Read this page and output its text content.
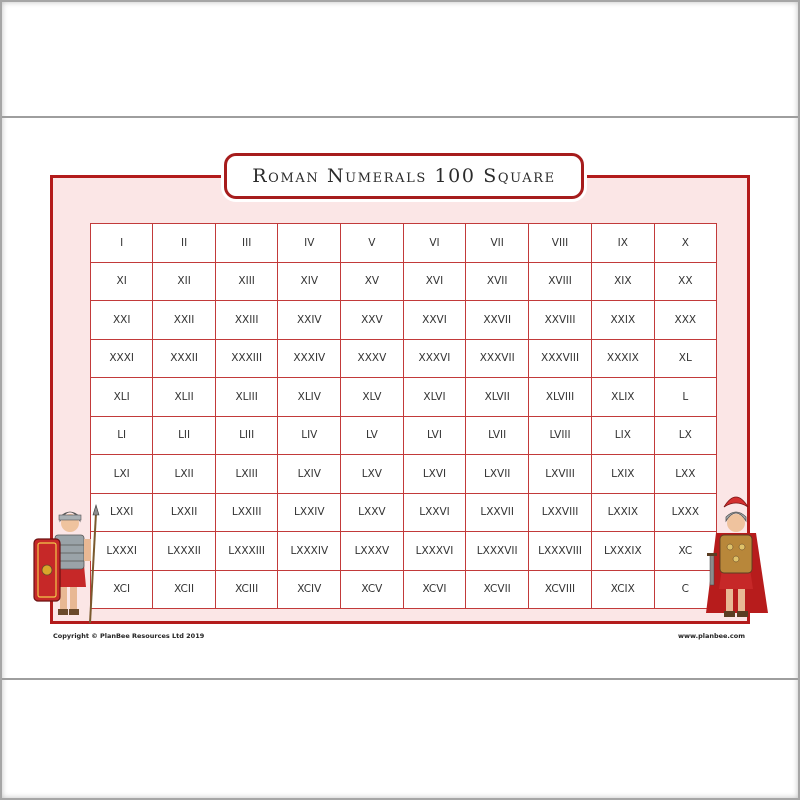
Roman Numerals 100 Square
I	II	III	IV	V	VI	VII	VIII	IX	X
XI	XII	XIII	XIV	XV	XVI	XVII	XVIII	XIX	XX
XXI	XXII	XXIII	XXIV	XXV	XXVI	XXVII	XXVIII	XXIX	XXX
XXXI	XXXII	XXXIII	XXXIV	XXXV	XXXVI	XXXVII	XXXVIII	XXXIX	XL
XLI	XLII	XLIII	XLIV	XLV	XLVI	XLVII	XLVIII	XLIX	L
LI	LII	LIII	LIV	LV	LVI	LVII	LVIII	LIX	LX
LXI	LXII	LXIII	LXIV	LXV	LXVI	LXVII	LXVIII	LXIX	LXX
LXXI	LXXII	LXXIII	LXXIV	LXXV	LXXVI	LXXVII	LXXVIII	LXXIX	LXXX
LXXXI	LXXXII	LXXXIII	LXXXIV	LXXXV	LXXXVI	LXXXVII	LXXXVIII	LXXXIX	XC
XCI	XCII	XCIII	XCIV	XCV	XCVI	XCVII	XCVIII	XCIX	C
Copyright © PlanBee Resources Ltd 2019	www.planbee.com
